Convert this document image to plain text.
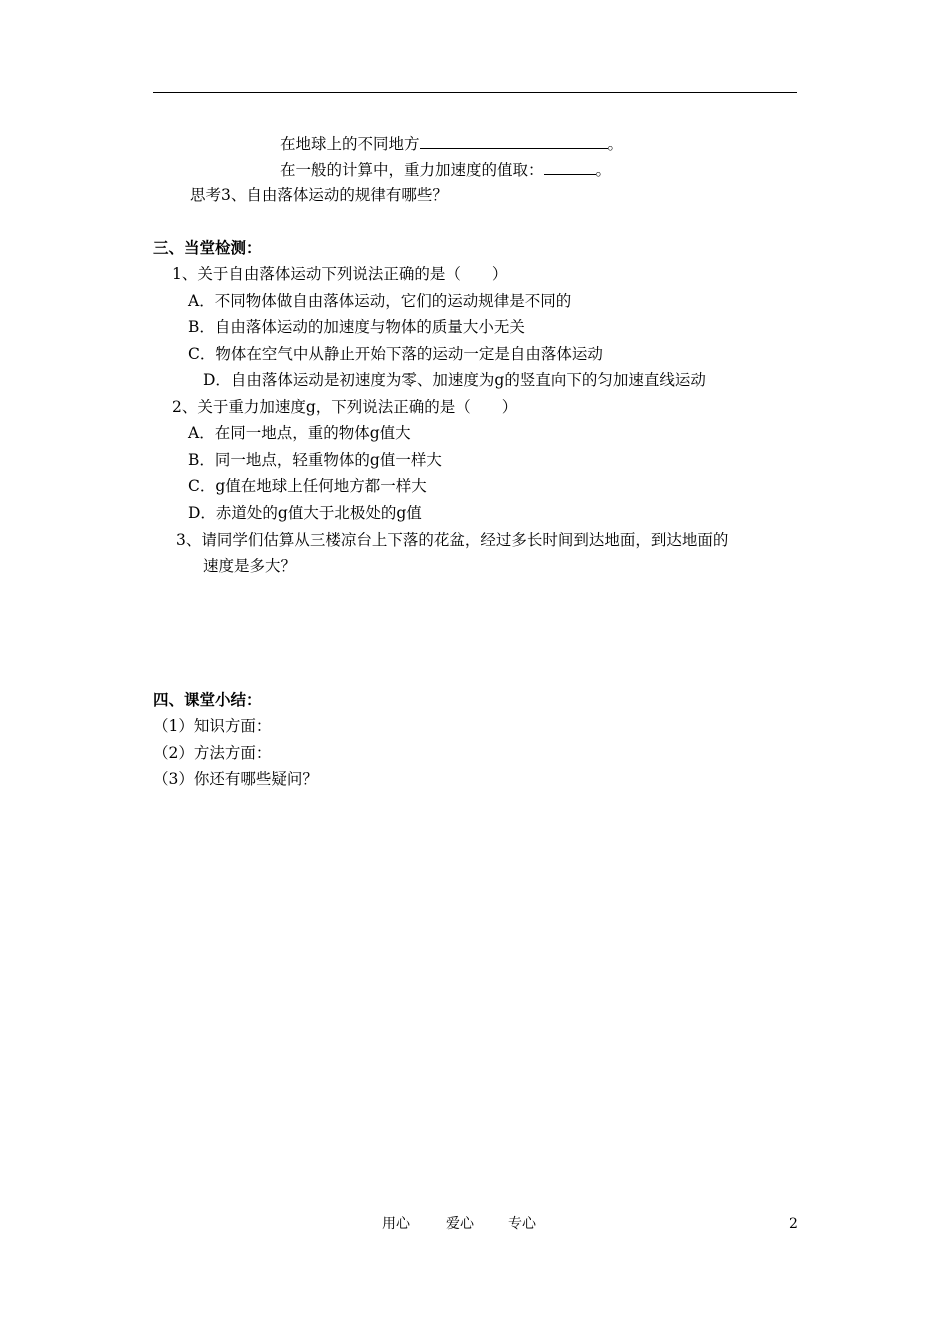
在地球上的不同地方	。
在一般的计算中，重力加速度的值取：	。
思考3、自由落体运动的规律有哪些？
三、当堂检测：
1、关于自由落体运动下列说法正确的是（　　）
A．不同物体做自由落体运动，它们的运动规律是不同的
B．自由落体运动的加速度与物体的质量大小无关
C．物体在空气中从静止开始下落的运动一定是自由落体运动
D．自由落体运动是初速度为零、加速度为g的竖直向下的匀加速直线运动
2、关于重力加速度g，下列说法正确的是（　　）
A．在同一地点，重的物体g值大
B．同一地点，轻重物体的g值一样大
C．g值在地球上任何地方都一样大
D．赤道处的g值大于北极处的g值
3、请同学们估算从三楼凉台上下落的花盆，经过多长时间到达地面，到达地面的
速度是多大？
四、课堂小结：
（1）知识方面：
（2）方法方面：
（3）你还有哪些疑问？
用心	爱心 专心	2
